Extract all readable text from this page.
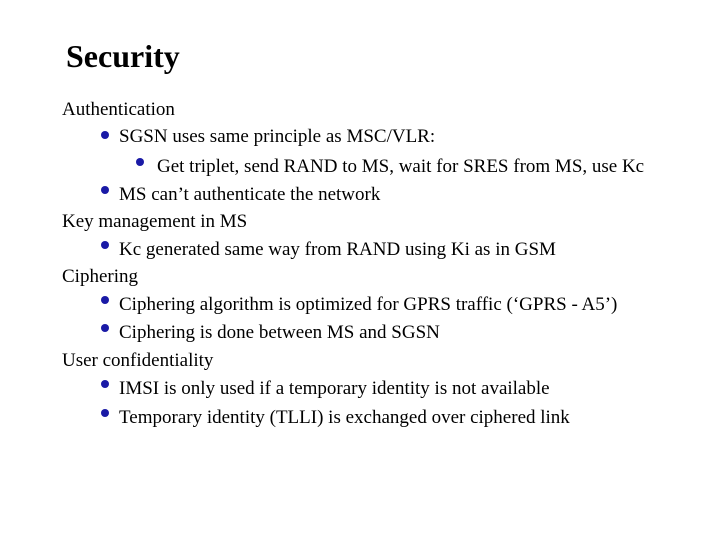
Security
Authentication
SGSN uses same principle as MSC/VLR:
Get triplet, send RAND to MS, wait for SRES from MS, use Kc
MS can’t authenticate the network
Key management in MS
Kc generated same way from RAND using Ki as in GSM
Ciphering
Ciphering algorithm is optimized for GPRS traffic (‘GPRS - A5’)
Ciphering is done between MS and SGSN
User confidentiality
IMSI is only used if a temporary identity is not available
Temporary identity (TLLI) is exchanged over ciphered link
